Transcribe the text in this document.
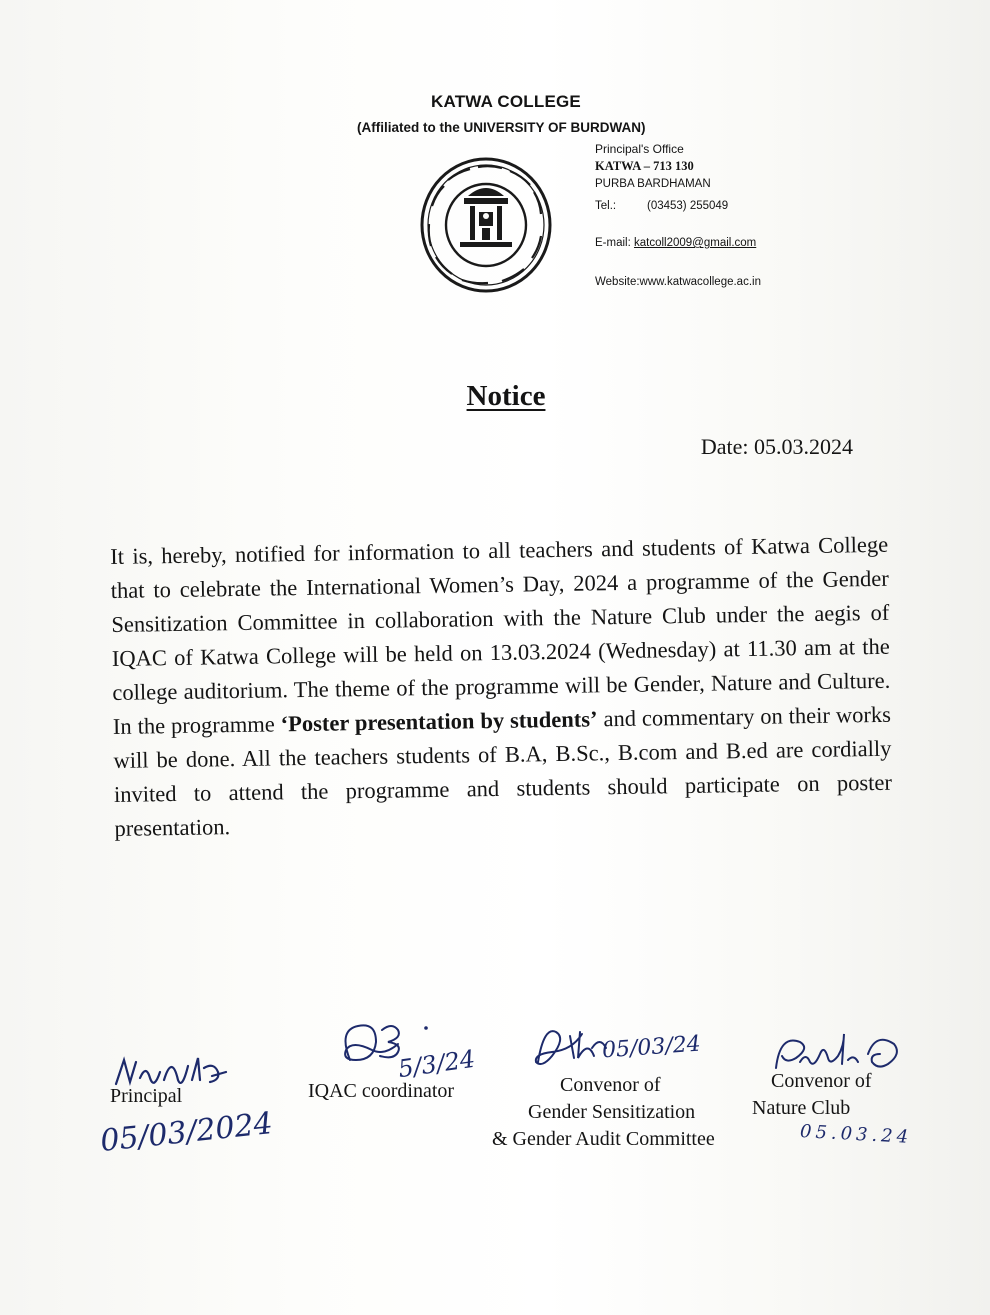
KATWA COLLEGE
(Affiliated to the UNIVERSITY OF BURDWAN)
Principal's Office
KATWA – 713 130
PURBA BARDHAMAN
Tel.:	(03453) 255049
E-mail: katcoll2009@gmail.com
Website:www.katwacollege.ac.in
Notice
Date: 05.03.2024
It is, hereby, notified for information to all teachers and students of Katwa College that to celebrate the International Women’s Day, 2024 a programme of the Gender Sensitization Committee in collaboration with the Nature Club under the aegis of IQAC of Katwa College will be held on 13.03.2024 (Wednesday) at 11.30 am at the college auditorium. The theme of the programme will be Gender, Nature and Culture. In the programme ‘Poster presentation by students’ and commentary on their works will be done. All the teachers students of B.A, B.Sc., B.com and B.ed are cordially invited to attend the programme and students should participate on poster presentation.
Principal
05/03/2024
IQAC coordinator
5/3/24	05/03/24
Convenor of
Gender Sensitization
& Gender Audit Committee
Convenor of
Nature Club
05.03.24
